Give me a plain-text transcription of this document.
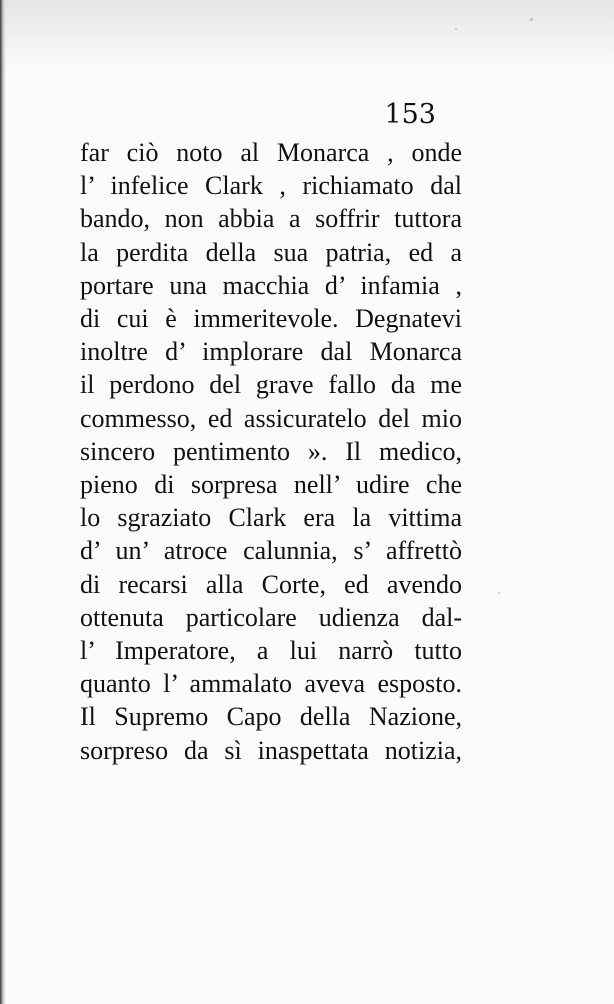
153
far ciò noto al Monarca , onde
l’ infelice Clark , richiamato dal
bando, non abbia a soffrir tuttora
la perdita della sua patria, ed a
portare una macchia d’ infamia ,
di cui è immeritevole. Degnatevi
inoltre d’ implorare dal Monarca
il perdono del grave fallo da me
commesso, ed assicuratelo del mio
sincero pentimento ». Il medico,
pieno di sorpresa nell’ udire che
lo sgraziato Clark era la vittima
d’ un’ atroce calunnia, s’ affrettò
di recarsi alla Corte, ed avendo
ottenuta particolare udienza dal-
l’ Imperatore, a lui narrò tutto
quanto l’ ammalato aveva esposto.
Il Supremo Capo della Nazione,
sorpreso da sì inaspettata notizia,
